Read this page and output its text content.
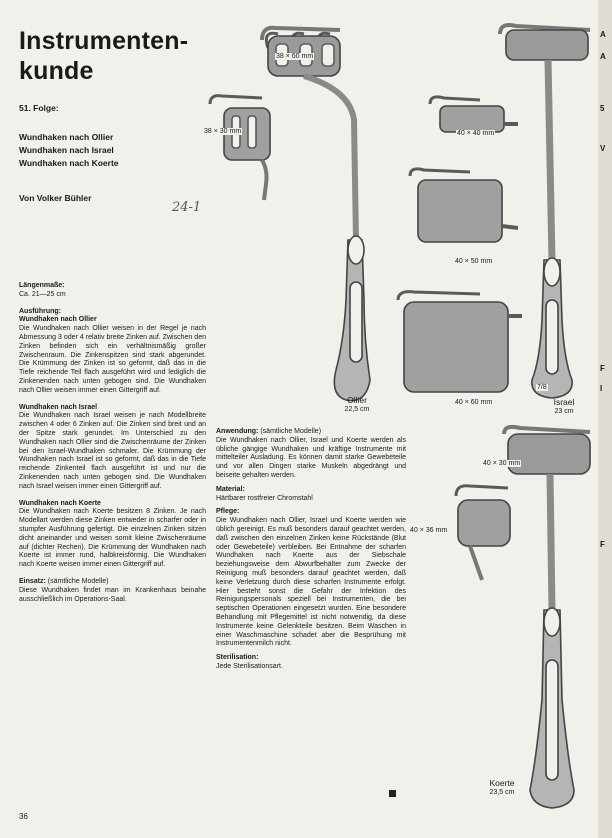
Instrumenten-
kunde
51. Folge:
Wundhaken nach Ollier
Wundhaken nach Israel
Wundhaken nach Koerte
Von Volker Bühler
24-1

Längenmaße:
Ca. 21—25 cm

Ausführung:
Wundhaken nach Ollier
Die Wundhaken nach Ollier weisen in der Regel je nach Abmessung 3 oder 4 relativ breite Zinken auf. Zwischen den Zinken befinden sich ein verhältnismäßig großer Zwischenraum. Die Zinkenspitzen sind stark abgerundet. Die Krümmung der Zinken ist so geformt, daß das in die Tiefe reichende Teil flach ausgeführt wird und lediglich die Zinkenenden nach unten gebogen sind. Die Wundhaken nach Ollier weisen immer einen Gittergriff auf.

Wundhaken nach Israel
Die Wundhaken nach Israel weisen je nach Modellbreite zwischen 4 oder 6 Zinken auf. Die Zinken sind breit und an der Spitze stark gerundet. Im Unterschied zu den Wundhaken nach Ollier sind die Zwischenräume der Zinken bei den Israel-Wundhaken schmaler. Die Krümmung der Wundhaken nach Israel ist so geformt, daß das in die Tiefe reichende Zinkenteil flach ausgeführt ist und nur die Zinkenenden nach unten gebogen sind. Die Wundhaken nach Israel weisen immer einen Gittergriff auf.

Wundhaken nach Koerte
Die Wundhaken nach Koerte besitzen 8 Zinken. Je nach Modellart werden diese Zinken entweder in scharfer oder in stumpfer Ausführung gefertigt. Die einzelnen Zinken sitzen dicht aneinander und weisen somit kleine Zwischenräume auf (dichter Rechen). Die Krümmung der Wundhaken nach Koerte ist immer rund, halbkreisförmig. Die Wundhaken nach Koerte weisen immer einen Gittergriff auf.

Einsatz: (sämtliche Modelle)
Diese Wundhaken findet man im Krankenhaus beinahe ausschließlich im Operations-Saal.

Anwendung: (sämtliche Modelle)
Die Wundhaken nach Ollier, Israel und Koerte werden als übliche gängige Wundhaken und kräftige Instrumente mit mittelteiler Ausladung. Es können damit starke Gewebeteile und vor allen Dingen starke Muskeln abgedrängt und beiseite gehalten werden.

Material:
Härtbarer rostfreier Chromstahl

Pflege:
Die Wundhaken nach Ollier, Israel und Koerte werden wie üblich gereinigt. Es muß besonders darauf geachtet werden, daß zwischen den einzelnen Zinken keine Rückstände (Blut oder Gewebeteile) verbleiben. Bei Entnahme der scharfen Wundhaken nach Koerte aus der Siebschale beziehungsweise dem Abwurfbehälter zum Zwecke der Reinigung muß besonders darauf geachtet werden, daß keine Verletzung durch diese scharfen Instrumente erfolgt. Hier besteht sonst die Gefahr der Infektion des Reinigungspersonals speziell bei Instrumenten, die bei septischen Operationen eingesetzt wurden. Eine besondere Behandlung mit Pflegemittel ist nicht notwendig, da diese Instrumente keine Gelenkteile besitzen. Beim Waschen in einer Waschmaschine schadet aber die Besprühung mit Instrumentenmilch nicht.

Sterilisation:
Jede Sterilisationsart.

38 × 60 mm
38 × 30 mm	40 × 40 mm
40 × 50 mm
40 × 60 mm
40 × 30 mm
40 × 36 mm
7/8
Ollier
22,5 cm
Israel
23 cm
Koerte
23,5 cm
36
A
A
5
V
F
I
F
